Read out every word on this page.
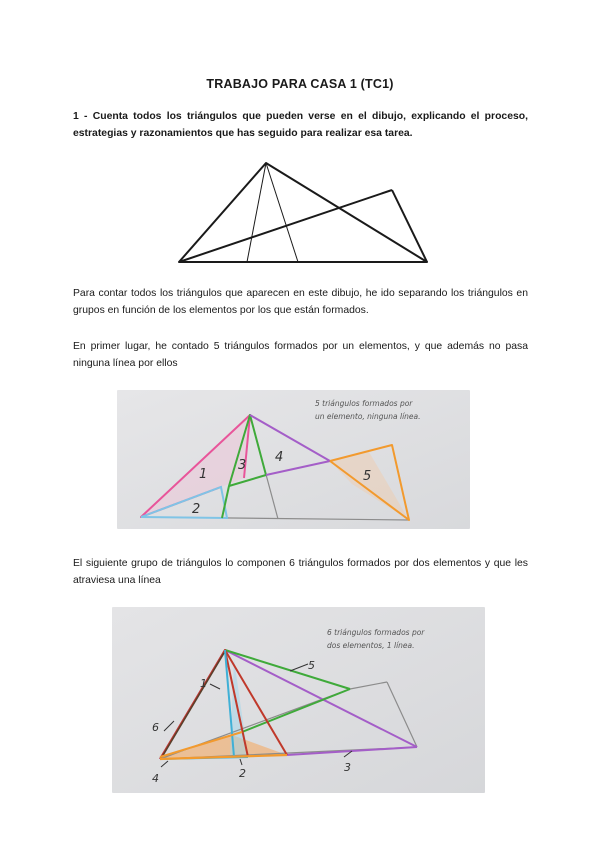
TRABAJO PARA CASA 1 (TC1)
1 - Cuenta todos los triángulos que pueden verse en el dibujo, explicando el proceso, estrategias y razonamientos que has seguido para realizar esa tarea.
Para contar todos los triángulos que aparecen en este dibujo, he ido separando los triángulos en grupos en función de los elementos por los que están formados.
En primer lugar, he contado 5 triángulos formados por un elementos, y que además no pasa ninguna línea por ellos
1
2
3
4
5
5 triángulos formados por
un elemento, ninguna línea.
El siguiente grupo de triángulos lo componen 6 triángulos formados por dos elementos y que les atraviesa una línea
1
2	3
4
5
6
6 triángulos formados por
dos elementos, 1 línea.
